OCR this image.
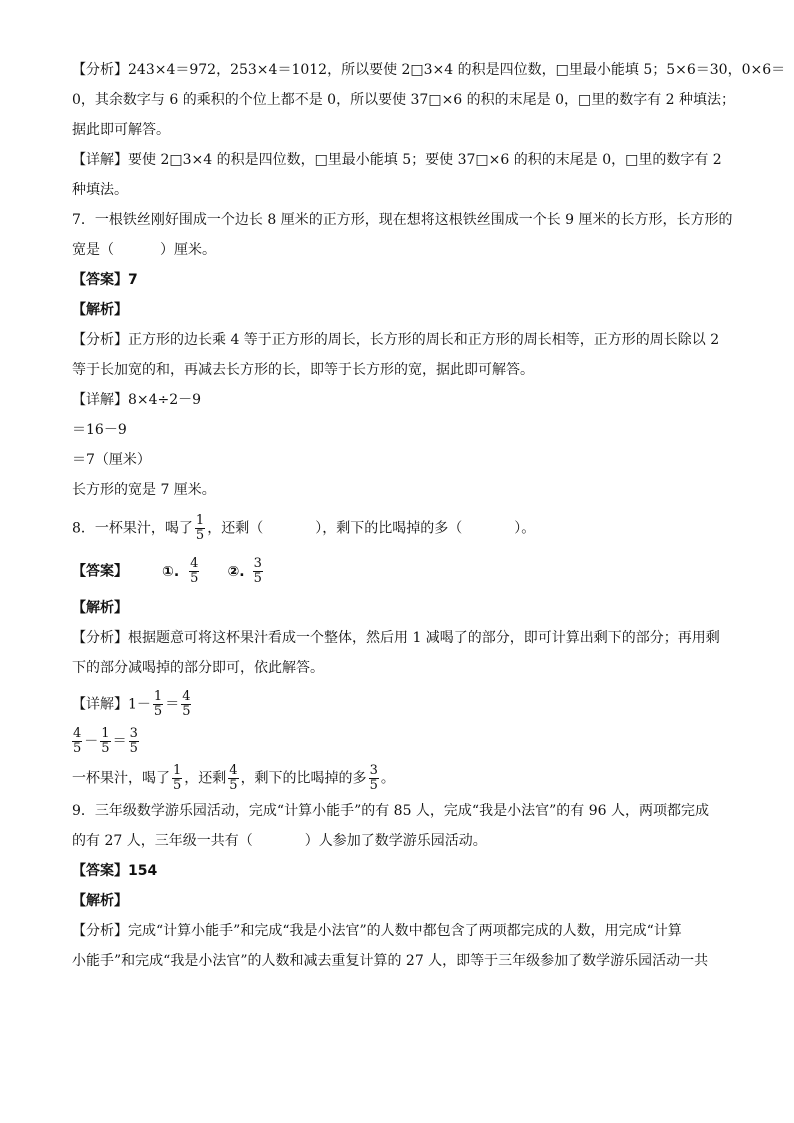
【分析】243×4＝972，253×4＝1012，所以要使 2□3×4 的积是四位数，□里最小能填 5；5×6＝30，0×6＝

0，其余数字与 6 的乘积的个位上都不是 0，所以要使 37□×6 的积的末尾是 0，□里的数字有 2 种填法；

据此即可解答。

【详解】要使 2□3×4 的积是四位数，□里最小能填 5；要使 37□×6 的积的末尾是 0，□里的数字有 2

种填法。

7．一根铁丝刚好围成一个边长 8 厘米的正方形，现在想将这根铁丝围成一个长 9 厘米的长方形，长方形的

宽是（	）厘米。

【答案】7

【解析】

【分析】正方形的边长乘 4 等于正方形的周长，长方形的周长和正方形的周长相等，正方形的周长除以 2

等于长加宽的和，再减去长方形的长，即等于长方形的宽，据此即可解答。

【详解】8×4÷2－9

＝16－9

＝7（厘米）

长方形的宽是 7 厘米。

8．一杯果汁，喝了 $\frac{1}{5}$ ，还剩（	），剩下的比喝掉的多（	）。

【答案】 ①. $\frac{4}{5}$ ②. $\frac{3}{5}$

【解析】

【分析】根据题意可将这杯果汁看成一个整体，然后用 1 减喝了的部分，即可计算出剩下的部分；再用剩

下的部分减喝掉的部分即可，依此解答。

【详解】$1- \frac{1}{5} = \frac{4}{5}$

$\frac{4}{5} - \frac{1}{5} = \frac{3}{5}$

一杯果汁，喝了 $\frac{1}{5}$ ，还剩 $\frac{4}{5}$ ，剩下的比喝掉的多 $\frac{3}{5}$ 。

9．三年级数学游乐园活动，完成“计算小能手”的有 85 人，完成“我是小法官”的有 96 人，两项都完成

的有 27 人，三年级一共有（	）人参加了数学游乐园活动。

【答案】154

【解析】

【分析】完成“计算小能手”和完成“我是小法官”的人数中都包含了两项都完成的人数，用完成“计算

小能手”和完成“我是小法官”的人数和减去重复计算的 27 人，即等于三年级参加了数学游乐园活动一共
